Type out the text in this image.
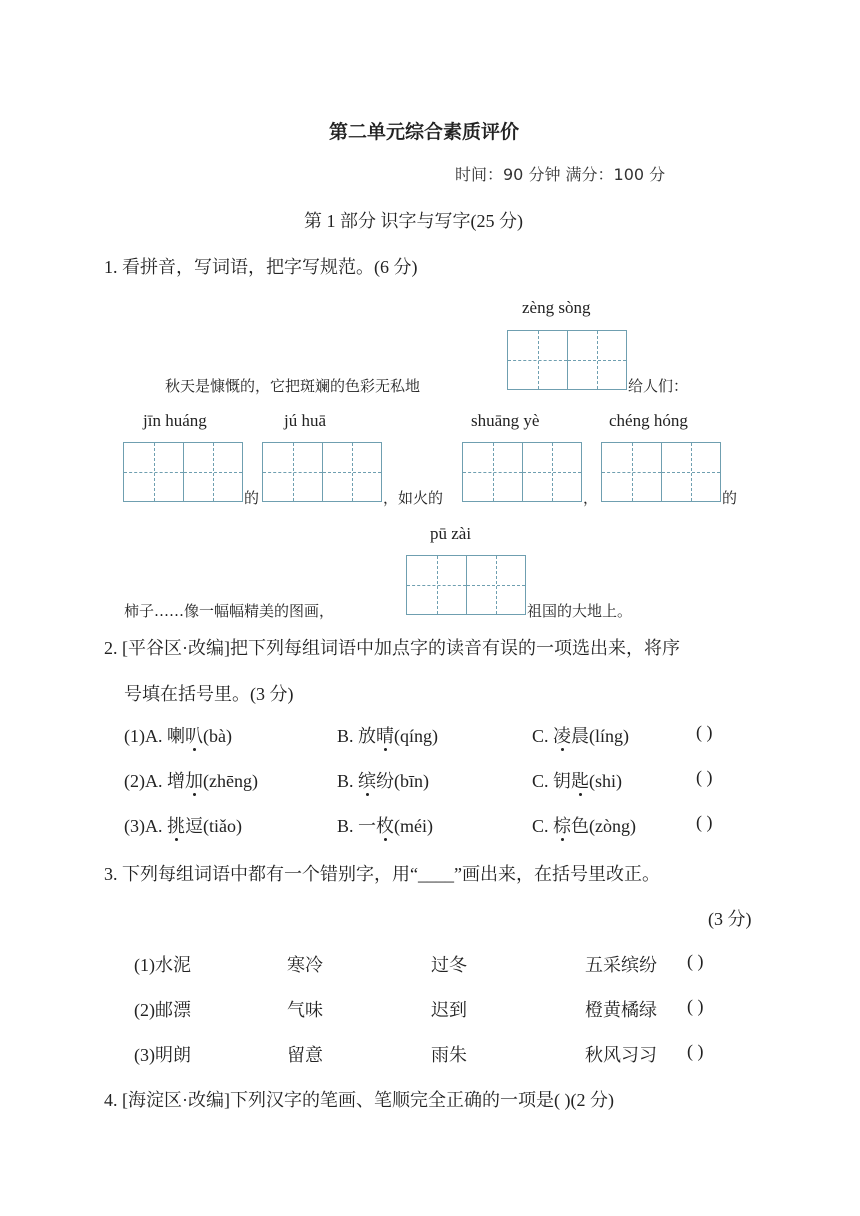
第二单元综合素质评价
时间：90 分钟 满分：100 分
第 1 部分 识字与写字(25 分)
1. 看拼音，写词语，把字写规范。(6 分)
zèng sòng
秋天是慷慨的，它把斑斓的色彩无私地	给人们：
jīn huáng	jú huā	shuāng yè	chéng hóng
的	，如火的	，	的
pū zài
柿子……像一幅幅精美的图画，	祖国的大地上。
2. [平谷区·改编]把下列每组词语中加点字的读音有误的一项选出来，将序
号填在括号里。(3 分)
(1)A. 喇叭(bà)	B. 放晴(qíng)	C. 凌晨(líng)	( )
(2)A. 增加(zhēng)	B. 缤纷(bīn)	C. 钥匙(shi)	( )
(3)A. 挑逗(tiǎo)	B. 一枚(méi)	C. 棕色(zòng)	( )
3. 下列每组词语中都有一个错别字，用“____”画出来，在括号里改正。
(3 分)
(1)水泥	寒冷	过冬	五采缤纷 ( )
(2)邮漂	气味	迟到	橙黄橘绿 ( )
(3)明朗	留意	雨朱	秋风习习 ( )
4. [海淀区·改编]下列汉字的笔画、笔顺完全正确的一项是( )(2 分)
